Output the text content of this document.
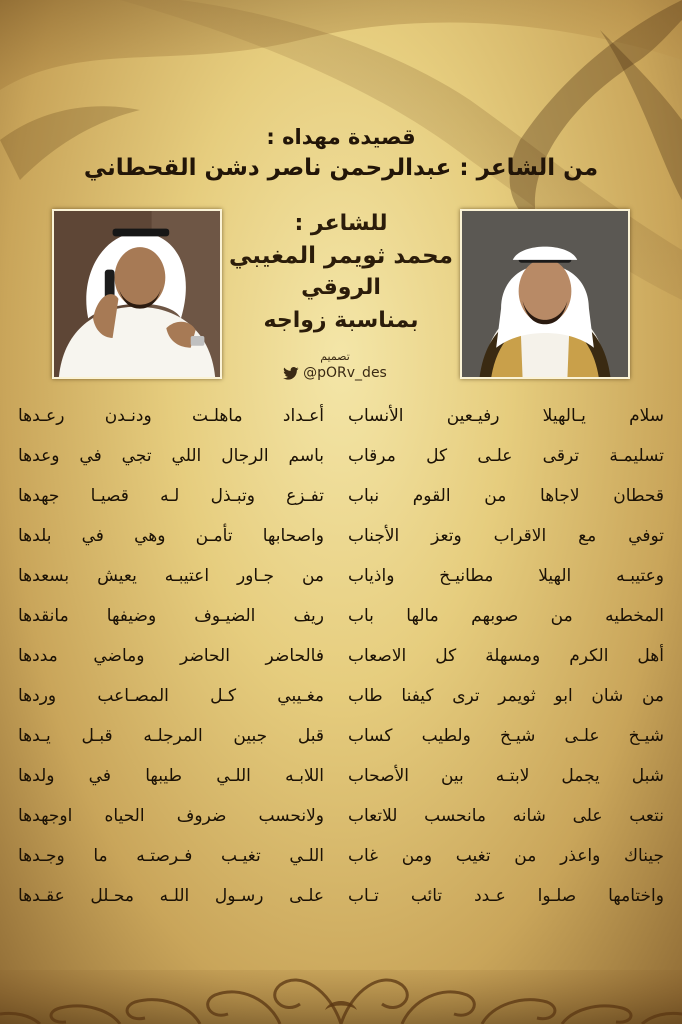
قصيدة مهداه :
من الشاعر : عبدالرحمن ناصر دشن القحطاني
للشاعر :
محمد ثويمر المغيبي
الروقي
بمناسبة زواجه
تصميم
@pORv_des
سلام يـالهيلا رفيـعين الأنساب
أعـداد ماهلـت ودنـدن رعـدها
تسليمـة ترقى علـى كل مرقاب
باسم الرجال اللي تجي في وعدها
قحطان لاجاها من القوم نباب
تفـزع وتبـذل لـه قصيـا جهدها
توفي مع الاقراب وتعز الأجناب
واصحابها تأمـن وهي في بلدها
وعتيبـه الهيلا مطانيـخ واذياب
من جـاور اعتيبـه يعيش بسعدها
المخطيه من صوبهم مالها باب
ريف الضيـوف وضيفها مانقدها
أهل الكرم ومسهلة كل الاصعاب
فالحاضر الحاضر وماضي مددها
من شان ابو ثويمر ترى كيفنا طاب
مغـيبي كـل المصـاعب وردها
شيـخ علـى شيـخ ولطيب كساب
قبل جبين المرجلـه قبـل يـدها
شبل يجمل لابتـه بين الأصحاب
اللابـه اللـي طيبها في ولدها
نتعب على شانه مانحسب للاتعاب
ولانحسب ضروف الحياه اوجهدها
جيناك واعذر من تغيب ومن غاب
اللـي تغيـب فـرصتـه ما وجـدها
واختامها صلـوا عـدد تائب تـاب
علـى رسـول اللـه محـلل عقـدها
